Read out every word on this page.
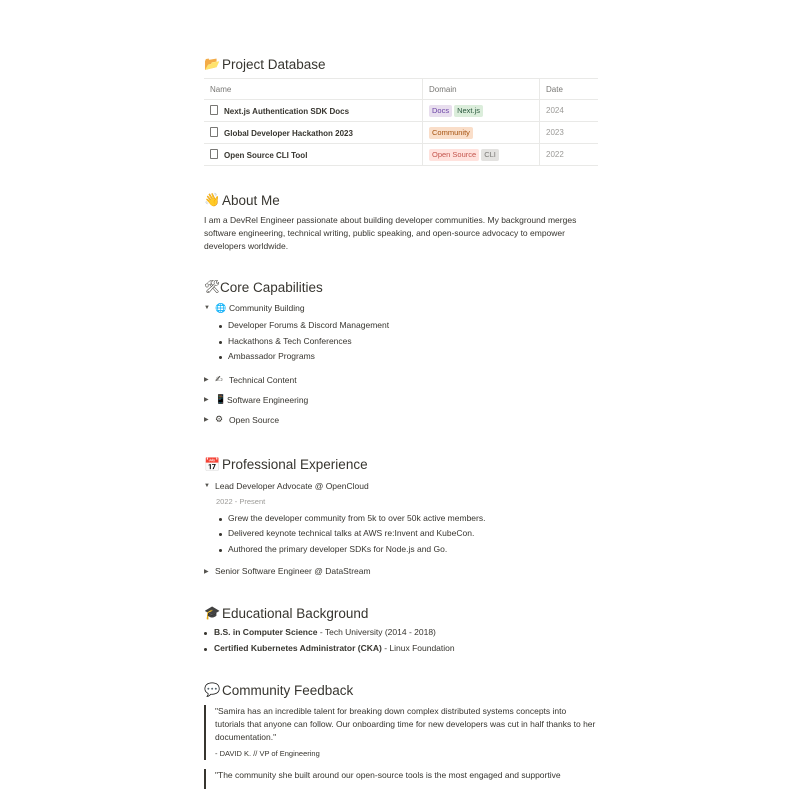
📂 Project Database
Name	Domain	Date
Next.js Authentication SDK Docs	Docs Next.js	2024
Global Developer Hackathon 2023	Community	2023
Open Source CLI Tool	Open Source CLI	2022
👋 About Me

I am a DevRel Engineer passionate about building developer communities. My background merges software engineering, technical writing, public speaking, and open-source advocacy to empower developers worldwide.

🛠 Core Capabilities
▼ 🌐 Community Building
Developer Forums & Discord Management
Hackathons & Tech Conferences
Ambassador Programs
▶ ✍ Technical Content
▶ 📱 Software Engineering
▶ ⚙ Open Source
📅 Professional Experience
▼ Lead Developer Advocate @ OpenCloud
2022 - Present
Grew the developer community from 5k to over 50k active members.
Delivered keynote technical talks at AWS re:Invent and KubeCon.
Authored the primary developer SDKs for Node.js and Go.
▶ Senior Software Engineer @ DataStream
🎓 Educational Background
B.S. in Computer Science - Tech University (2014 - 2018)
Certified Kubernetes Administrator (CKA) - Linux Foundation
💬 Community Feedback
"Samira has an incredible talent for breaking down complex distributed systems concepts into tutorials that anyone can follow. Our onboarding time for new developers was cut in half thanks to her documentation."
- DAVID K. // VP of Engineering
"The community she built around our open-source tools is the most engaged and supportive
